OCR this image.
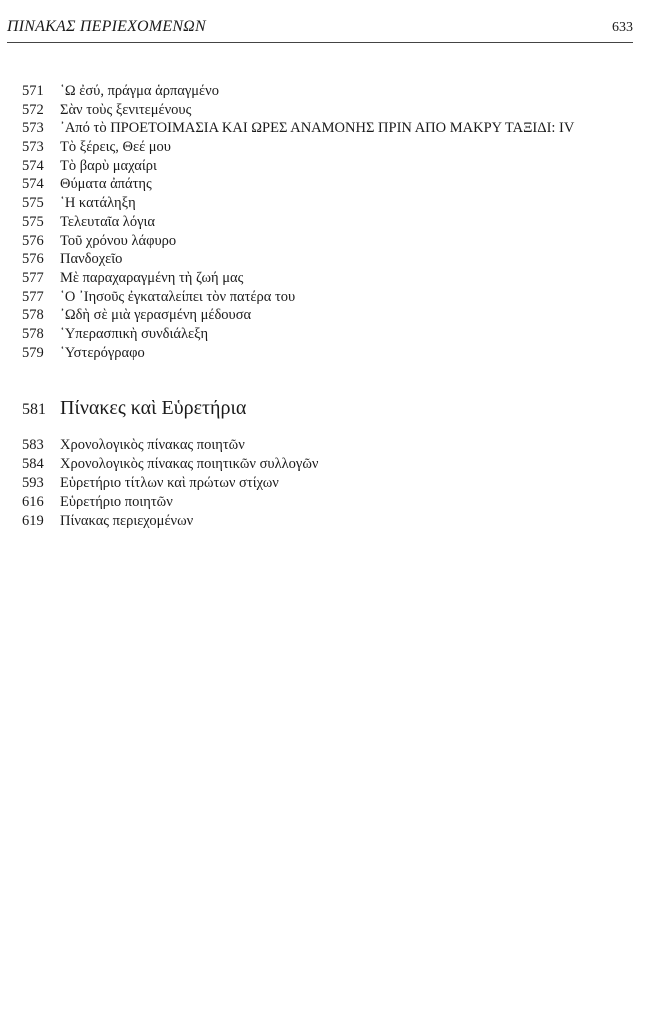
ΠΙΝΑΚΑΣ ΠΕΡΙΕΧΟΜΕΝΩΝ	633
571 ῾Ω ἐσύ, πράγμα ἁρπαγμένο
572 Σὰν τοὺς ξενιτεμένους
573 ᾿Από τὸ ΠΡΟΕΤΟΙΜΑΣΙΑ ΚΑΙ ΩΡΕΣ ΑΝΑΜΟΝΗΣ ΠΡΙΝ ΑΠΟ ΜΑΚΡΥ ΤΑΞΙΔΙ: IV
573 Τὸ ξέρεις, Θεέ μου
574 Τὸ βαρὺ μαχαίρι
574 Θύματα ἀπάτης
575 ῾Η κατάληξη
575 Τελευταῖα λόγια
576 Τοῦ χρόνου λάφυρο
576 Πανδοχεῖο
577 Μὲ παραχαραγμένη τὴ ζωή μας
577 ῾Ο ᾿Ιησοῦς ἐγκαταλείπει τὸν πατέρα του
578 ᾿Ωδὴ σὲ μιὰ γερασμένη μέδουσα
578 ῾Υπερασπικὴ συνδιάλεξη
579 ῾Υστερόγραφο
581 Πίνακες καὶ Εὑρετήρια
583 Χρονολογικὸς πίνακας ποιητῶν
584 Χρονολογικὸς πίνακας ποιητικῶν συλλογῶν
593 Εὑρετήριο τίτλων καὶ πρώτων στίχων
616 Εὑρετήριο ποιητῶν
619 Πίνακας περιεχομένων
